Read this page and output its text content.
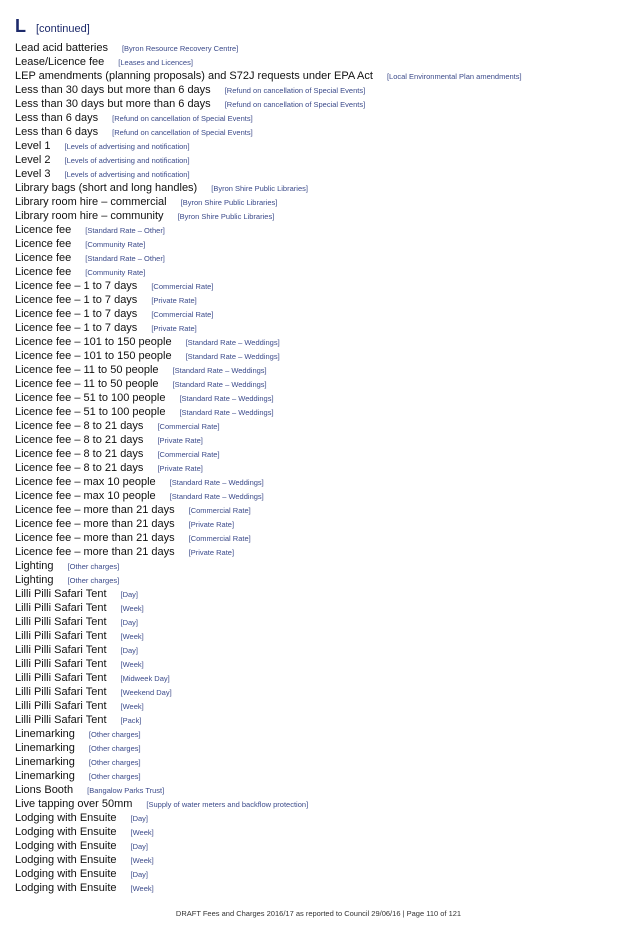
L [continued]
Lead acid batteries [Byron Resource Recovery Centre]
Lease/Licence fee [Leases and Licences]
LEP amendments (planning proposals) and S72J requests under EPA Act [Local Environmental Plan amendments]
Less than 30 days but more than 6 days [Refund on cancellation of Special Events]
Less than 30 days but more than 6 days [Refund on cancellation of Special Events]
Less than 6 days [Refund on cancellation of Special Events]
Less than 6 days [Refund on cancellation of Special Events]
Level 1 [Levels of advertising and notification]
Level 2 [Levels of advertising and notification]
Level 3 [Levels of advertising and notification]
Library bags (short and long handles) [Byron Shire Public Libraries]
Library room hire – commercial [Byron Shire Public Libraries]
Library room hire – community [Byron Shire Public Libraries]
Licence fee [Standard Rate – Other]
Licence fee [Community Rate]
Licence fee [Standard Rate – Other]
Licence fee [Community Rate]
Licence fee – 1 to 7 days [Commercial Rate]
Licence fee – 1 to 7 days [Private Rate]
Licence fee – 1 to 7 days [Commercial Rate]
Licence fee – 1 to 7 days [Private Rate]
Licence fee – 101 to 150 people [Standard Rate – Weddings]
Licence fee – 101 to 150 people [Standard Rate – Weddings]
Licence fee – 11 to 50 people [Standard Rate – Weddings]
Licence fee – 11 to 50 people [Standard Rate – Weddings]
Licence fee – 51 to 100 people [Standard Rate – Weddings]
Licence fee – 51 to 100 people [Standard Rate – Weddings]
Licence fee – 8 to 21 days [Commercial Rate]
Licence fee – 8 to 21 days [Private Rate]
Licence fee – 8 to 21 days [Commercial Rate]
Licence fee – 8 to 21 days [Private Rate]
Licence fee – max 10 people [Standard Rate – Weddings]
Licence fee – max 10 people [Standard Rate – Weddings]
Licence fee – more than 21 days [Commercial Rate]
Licence fee – more than 21 days [Private Rate]
Licence fee – more than 21 days [Commercial Rate]
Licence fee – more than 21 days [Private Rate]
Lighting [Other charges]
Lighting [Other charges]
Lilli Pilli Safari Tent [Day]
Lilli Pilli Safari Tent [Week]
Lilli Pilli Safari Tent [Day]
Lilli Pilli Safari Tent [Week]
Lilli Pilli Safari Tent [Day]
Lilli Pilli Safari Tent [Week]
Lilli Pilli Safari Tent [Midweek Day]
Lilli Pilli Safari Tent [Weekend Day]
Lilli Pilli Safari Tent [Week]
Lilli Pilli Safari Tent [Pack]
Linemarking [Other charges]
Linemarking [Other charges]
Linemarking [Other charges]
Linemarking [Other charges]
Lions Booth [Bangalow Parks Trust]
Live tapping over 50mm [Supply of water meters and backflow protection]
Lodging with Ensuite [Day]
Lodging with Ensuite [Week]
Lodging with Ensuite [Day]
Lodging with Ensuite [Week]
Lodging with Ensuite [Day]
Lodging with Ensuite [Week]
DRAFT Fees and Charges 2016/17 as reported to Council 29/06/16 | Page 110 of 121
